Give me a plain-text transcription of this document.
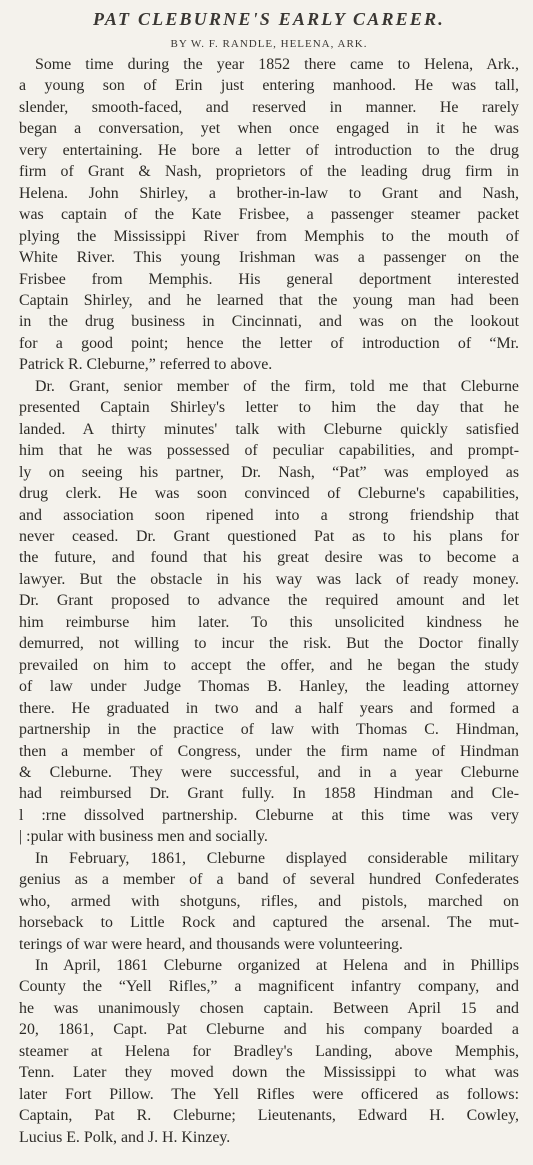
PAT CLEBURNE'S EARLY CAREER.
BY W. F. RANDLE, HELENA, ARK.

Some time during the year 1852 there came to Helena, Ark.,
a young son of Erin just entering manhood. He was tall,
slender, smooth-faced, and reserved in manner. He rarely
began a conversation, yet when once engaged in it he was
very entertaining. He bore a letter of introduction to the drug
firm of Grant & Nash, proprietors of the leading drug firm in
Helena. John Shirley, a brother-in-law to Grant and Nash,
was captain of the Kate Frisbee, a passenger steamer packet
plying the Mississippi River from Memphis to the mouth of
White River. This young Irishman was a passenger on the
Frisbee from Memphis. His general deportment interested
Captain Shirley, and he learned that the young man had been
in the drug business in Cincinnati, and was on the lookout
for a good point; hence the letter of introduction of “Mr.
Patrick R. Cleburne,” referred to above.

Dr. Grant, senior member of the firm, told me that Cleburne
presented Captain Shirley's letter to him the day that he
landed. A thirty minutes' talk with Cleburne quickly satisfied
him that he was possessed of peculiar capabilities, and prompt-
ly on seeing his partner, Dr. Nash, “Pat” was employed as
drug clerk. He was soon convinced of Cleburne's capabilities,
and association soon ripened into a strong friendship that
never ceased. Dr. Grant questioned Pat as to his plans for
the future, and found that his great desire was to become a
lawyer. But the obstacle in his way was lack of ready money.
Dr. Grant proposed to advance the required amount and let
him reimburse him later. To this unsolicited kindness he
demurred, not willing to incur the risk. But the Doctor finally
prevailed on him to accept the offer, and he began the study
of law under Judge Thomas B. Hanley, the leading attorney
there. He graduated in two and a half years and formed a
partnership in the practice of law with Thomas C. Hindman,
then a member of Congress, under the firm name of Hindman
& Cleburne. They were successful, and in a year Cleburne
had reimbursed Dr. Grant fully. In 1858 Hindman and Cle-
l :rne dissolved partnership. Cleburne at this time was very
| :pular with business men and socially.

In February, 1861, Cleburne displayed considerable military
genius as a member of a band of several hundred Confederates
who, armed with shotguns, rifles, and pistols, marched on
horseback to Little Rock and captured the arsenal. The mut-
terings of war were heard, and thousands were volunteering.

In April, 1861 Cleburne organized at Helena and in Phillips
County the “Yell Rifles,” a magnificent infantry company, and
he was unanimously chosen captain. Between April 15 and
20, 1861, Capt. Pat Cleburne and his company boarded a
steamer at Helena for Bradley's Landing, above Memphis,
Tenn. Later they moved down the Mississippi to what was
later Fort Pillow. The Yell Rifles were officered as follows:
Captain, Pat R. Cleburne; Lieutenants, Edward H. Cowley,
Lucius E. Polk, and J. H. Kinzey.
